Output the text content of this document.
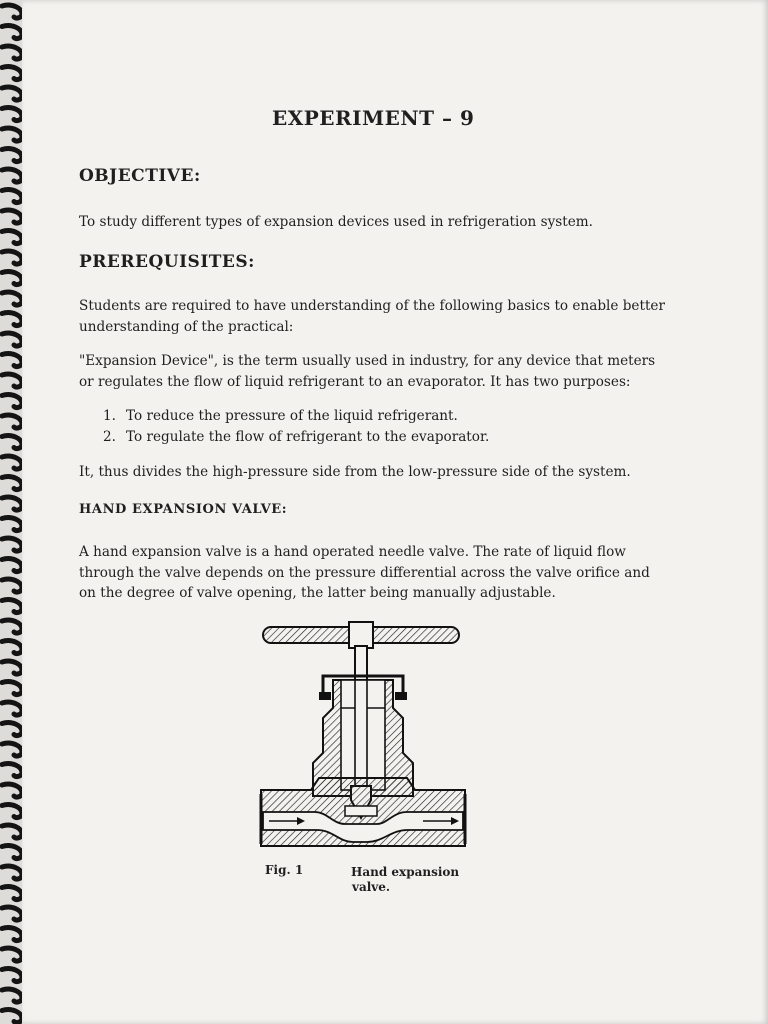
EXPERIMENT – 9
OBJECTIVE:
To study different types of expansion devices used in refrigeration system.
PREREQUISITES:
Students are required to have understanding of the following basics to enable better understanding of the practical:
"Expansion Device", is the term usually used in industry, for any device that meters or regulates the flow of liquid refrigerant to an evaporator. It has two purposes:
1. To reduce the pressure of the liquid refrigerant.
2. To regulate the flow of refrigerant to the evaporator.
It, thus divides the high-pressure side from the low-pressure side of the system.
HAND EXPANSION VALVE:
A hand expansion valve is a hand operated needle valve. The rate of liquid flow through the valve depends on the pressure differential across the valve orifice and on the degree of valve opening, the latter being manually adjustable.
Fig. 1	Hand expansion
valve.
